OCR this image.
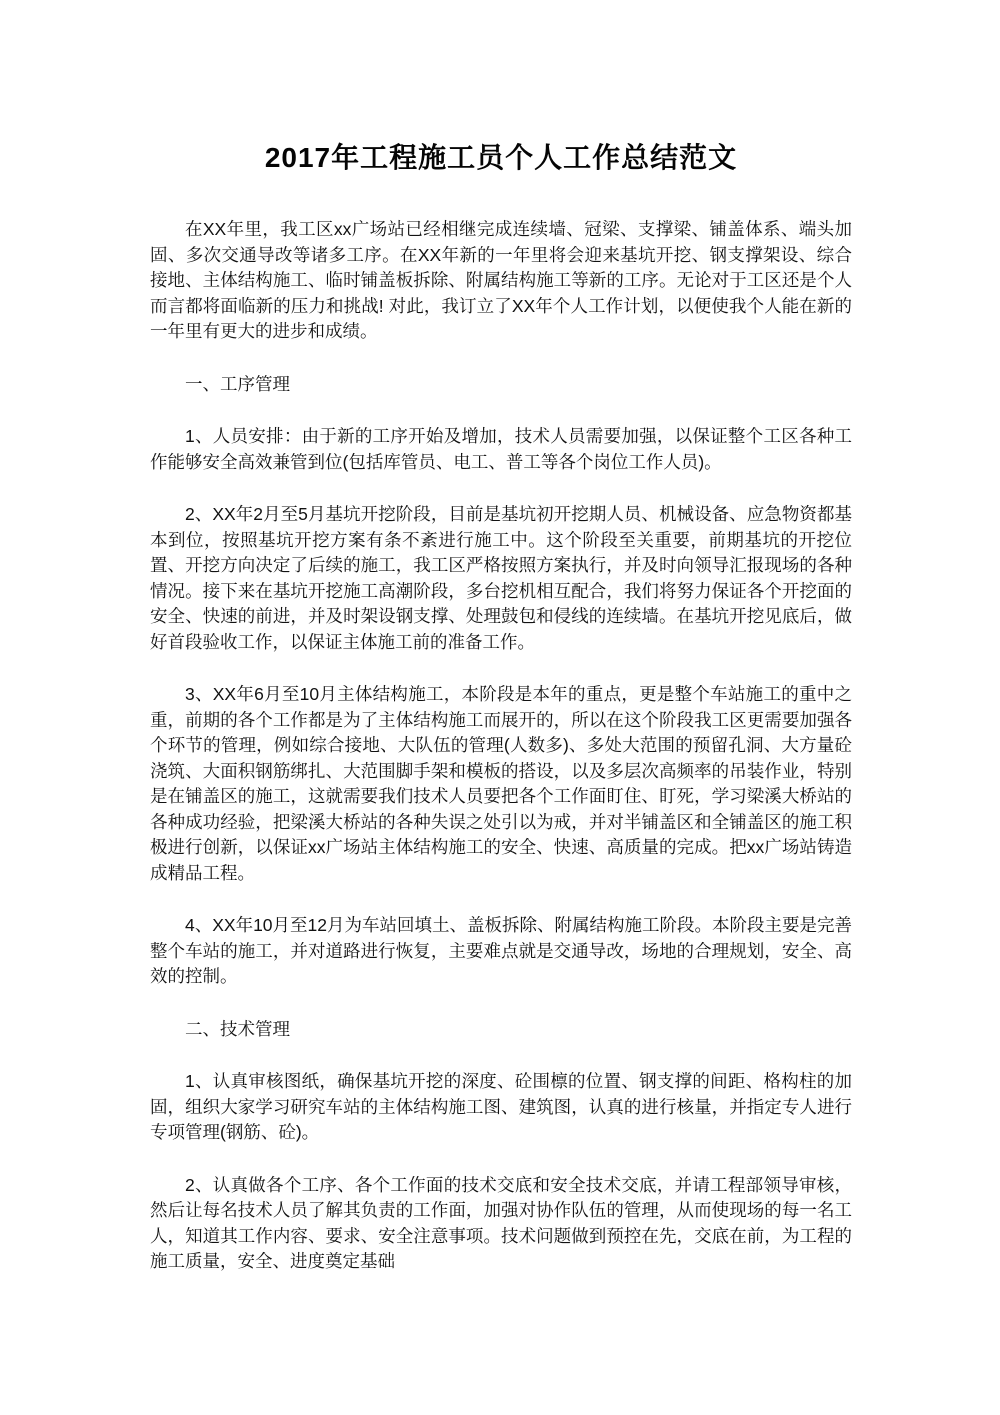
2017年工程施工员个人工作总结范文

在XX年里，我工区xx广场站已经相继完成连续墙、冠梁、支撑梁、铺盖体系、端头加固、多次交通导改等诸多工序。在XX年新的一年里将会迎来基坑开挖、钢支撑架设、综合接地、主体结构施工、临时铺盖板拆除、附属结构施工等新的工序。无论对于工区还是个人而言都将面临新的压力和挑战! 对此，我订立了XX年个人工作计划，以便使我个人能在新的一年里有更大的进步和成绩。

一、工序管理

1、人员安排：由于新的工序开始及增加，技术人员需要加强，以保证整个工区各种工作能够安全高效兼管到位(包括库管员、电工、普工等各个岗位工作人员)。

2、XX年2月至5月基坑开挖阶段，目前是基坑初开挖期人员、机械设备、应急物资都基本到位，按照基坑开挖方案有条不紊进行施工中。这个阶段至关重要，前期基坑的开挖位置、开挖方向决定了后续的施工，我工区严格按照方案执行，并及时向领导汇报现场的各种情况。接下来在基坑开挖施工高潮阶段，多台挖机相互配合，我们将努力保证各个开挖面的安全、快速的前进，并及时架设钢支撑、处理鼓包和侵线的连续墙。在基坑开挖见底后，做好首段验收工作，以保证主体施工前的准备工作。

3、XX年6月至10月主体结构施工，本阶段是本年的重点，更是整个车站施工的重中之重，前期的各个工作都是为了主体结构施工而展开的，所以在这个阶段我工区更需要加强各个环节的管理，例如综合接地、大队伍的管理(人数多)、多处大范围的预留孔洞、大方量砼浇筑、大面积钢筋绑扎、大范围脚手架和模板的搭设，以及多层次高频率的吊装作业，特别是在铺盖区的施工，这就需要我们技术人员要把各个工作面盯住、盯死，学习梁溪大桥站的各种成功经验，把梁溪大桥站的各种失误之处引以为戒，并对半铺盖区和全铺盖区的施工积极进行创新，以保证xx广场站主体结构施工的安全、快速、高质量的完成。把xx广场站铸造成精品工程。

4、XX年10月至12月为车站回填土、盖板拆除、附属结构施工阶段。本阶段主要是完善整个车站的施工，并对道路进行恢复，主要难点就是交通导改，场地的合理规划，安全、高效的控制。

二、技术管理

1、认真审核图纸，确保基坑开挖的深度、砼围檩的位置、钢支撑的间距、格构柱的加固，组织大家学习研究车站的主体结构施工图、建筑图，认真的进行核量，并指定专人进行专项管理(钢筋、砼)。

2、认真做各个工序、各个工作面的技术交底和安全技术交底，并请工程部领导审核，然后让每名技术人员了解其负责的工作面，加强对协作队伍的管理，从而使现场的每一名工人，知道其工作内容、要求、安全注意事项。技术问题做到预控在先，交底在前，为工程的施工质量，安全、进度奠定基础
